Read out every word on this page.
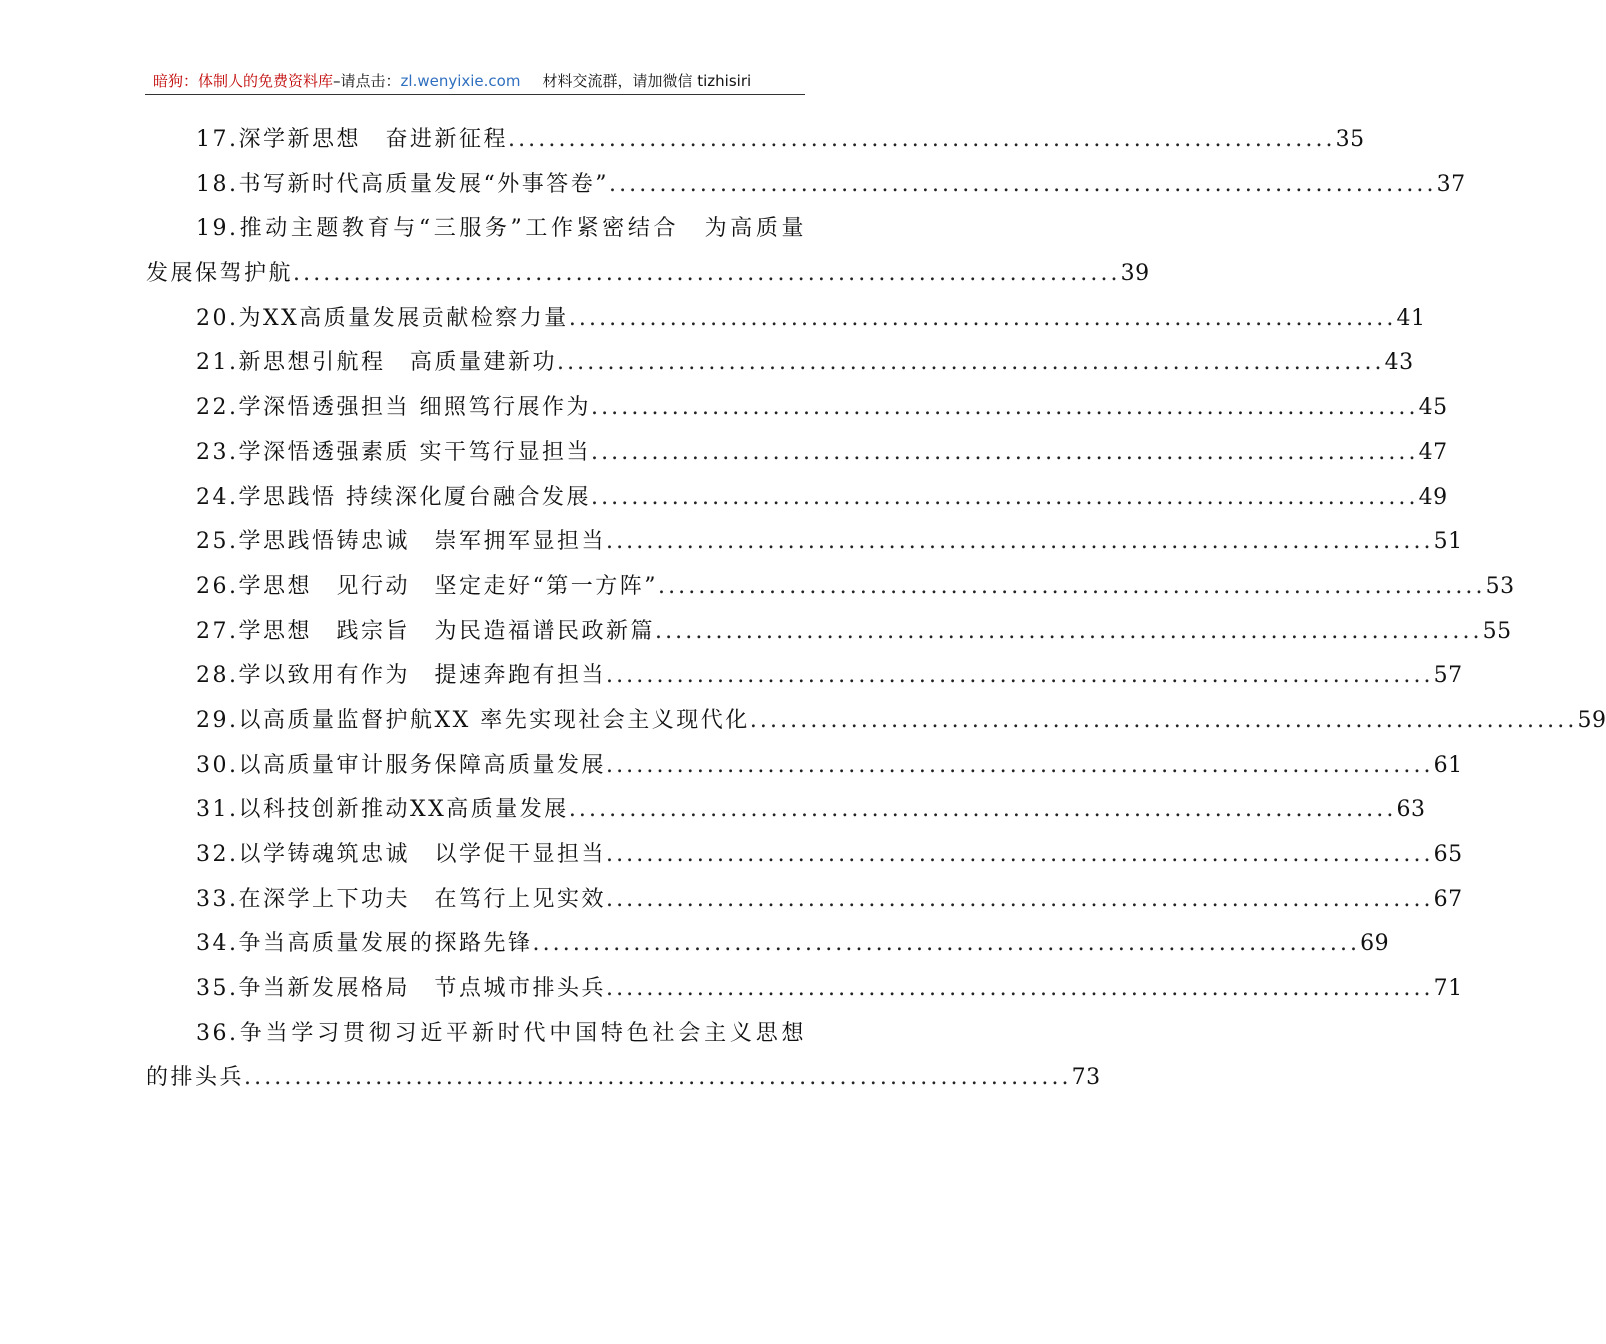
暗狗：体制人的免费资料库–请点击：zl.wenyixie.com 材料交流群，请加微信 tizhisiri
17.深学新思想　奋进新征程 .................................................................................. 35
18.书写新时代高质量发展“外事答卷” .................................................................................. 37
19.推动主题教育与“三服务”工作紧密结合　为高质量
发展保驾护航 .................................................................................. 39
20.为XX高质量发展贡献检察力量 .................................................................................. 41
21.新思想引航程　高质量建新功 .................................................................................. 43
22.学深悟透强担当 细照笃行展作为 .................................................................................. 45
23.学深悟透强素质 实干笃行显担当 .................................................................................. 47
24.学思践悟 持续深化厦台融合发展 .................................................................................. 49
25.学思践悟铸忠诚　崇军拥军显担当 .................................................................................. 51
26.学思想　见行动　坚定走好“第一方阵” .................................................................................. 53
27.学思想　践宗旨　为民造福谱民政新篇 .................................................................................. 55
28.学以致用有作为　提速奔跑有担当 .................................................................................. 57
29.以高质量监督护航XX 率先实现社会主义现代化 .................................................................................. 59
30.以高质量审计服务保障高质量发展 .................................................................................. 61
31.以科技创新推动XX高质量发展 .................................................................................. 63
32.以学铸魂筑忠诚　以学促干显担当 .................................................................................. 65
33.在深学上下功夫　在笃行上见实效 .................................................................................. 67
34.争当高质量发展的探路先锋 .................................................................................. 69
35.争当新发展格局　节点城市排头兵 .................................................................................. 71
36.争当学习贯彻习近平新时代中国特色社会主义思想
的排头兵 .................................................................................. 73
